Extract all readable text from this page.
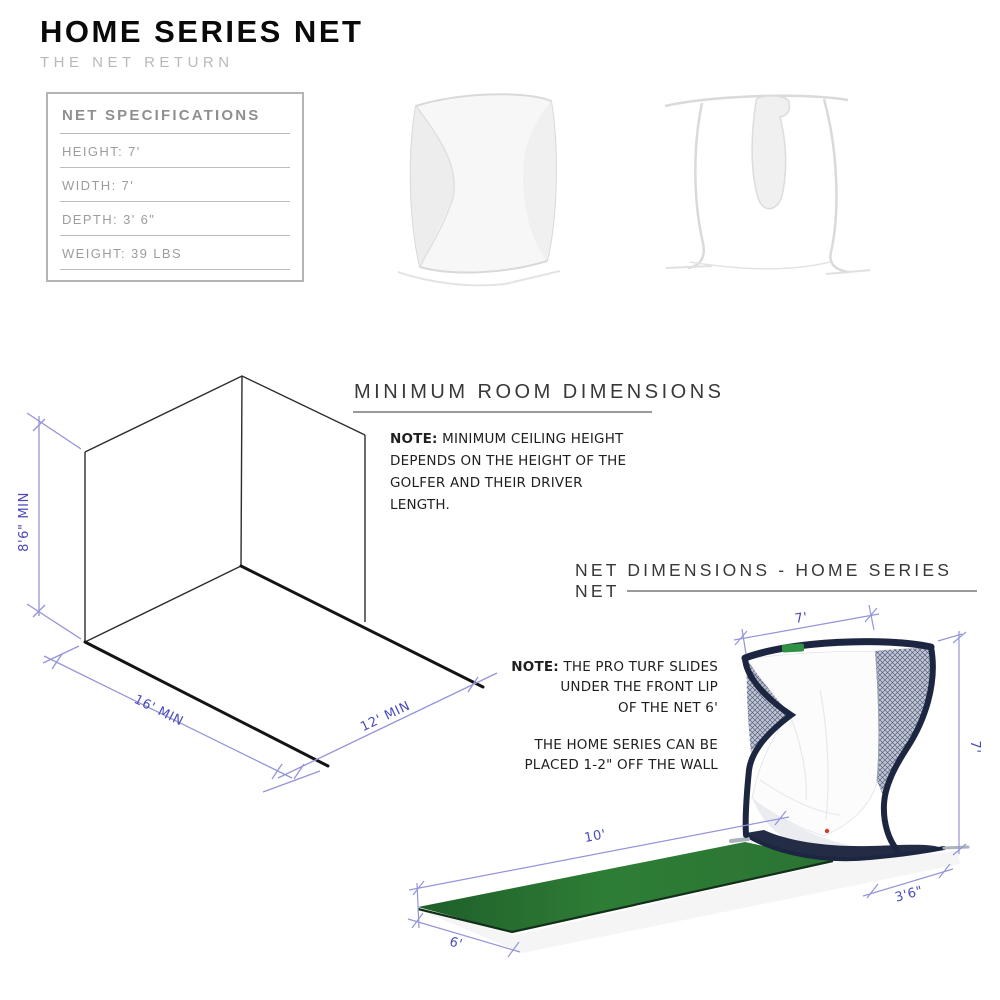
8'6" MIN
16' MIN	12' MIN
7'
7'
10'
6'
3'6"
HOME SERIES NET
THE NET RETURN
NET SPECIFICATIONS
HEIGHT: 7'
WIDTH: 7'
DEPTH: 3' 6"
WEIGHT: 39 LBS
MINIMUM ROOM DIMENSIONS
NOTE: MINIMUM CEILING HEIGHT
DEPENDS ON THE HEIGHT OF THE
GOLFER AND THEIR DRIVER LENGTH.
NET DIMENSIONS - HOME SERIES NET
NOTE: THE PRO TURF SLIDES
UNDER THE FRONT LIP
OF THE NET 6'
THE HOME SERIES CAN BE
PLACED 1-2" OFF THE WALL
